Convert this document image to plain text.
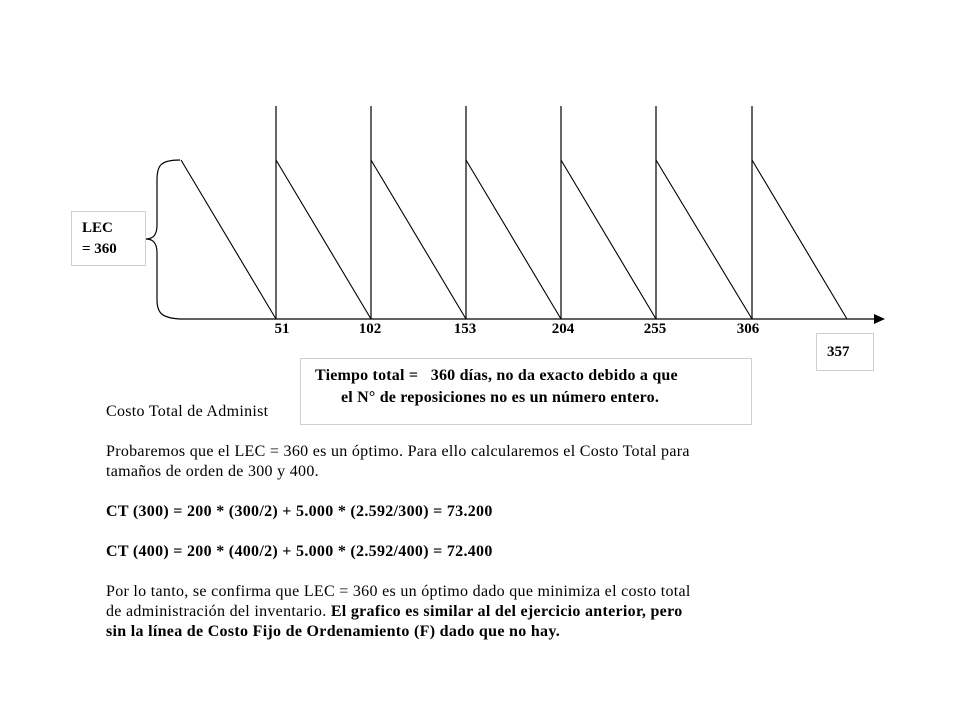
LEC
= 360
51	102	153	204	255	306
357

Costo Total de Administ

Probaremos que el LEC = 360 es un óptimo. Para ello calcularemos el Costo Total para
tamaños de orden de 300 y 400.

CT (300) = 200 * (300/2) + 5.000 * (2.592/300) = 73.200

CT (400) = 200 * (400/2) + 5.000 * (2.592/400) = 72.400

Por lo tanto, se confirma que LEC = 360 es un óptimo dado que minimiza el costo total
de administración del inventario. El grafico es similar al del ejercicio anterior, pero
sin la línea de Costo Fijo de Ordenamiento (F) dado que no hay.

Tiempo total =   360 días, no da exacto debido a que
el N° de reposiciones no es un número entero.
